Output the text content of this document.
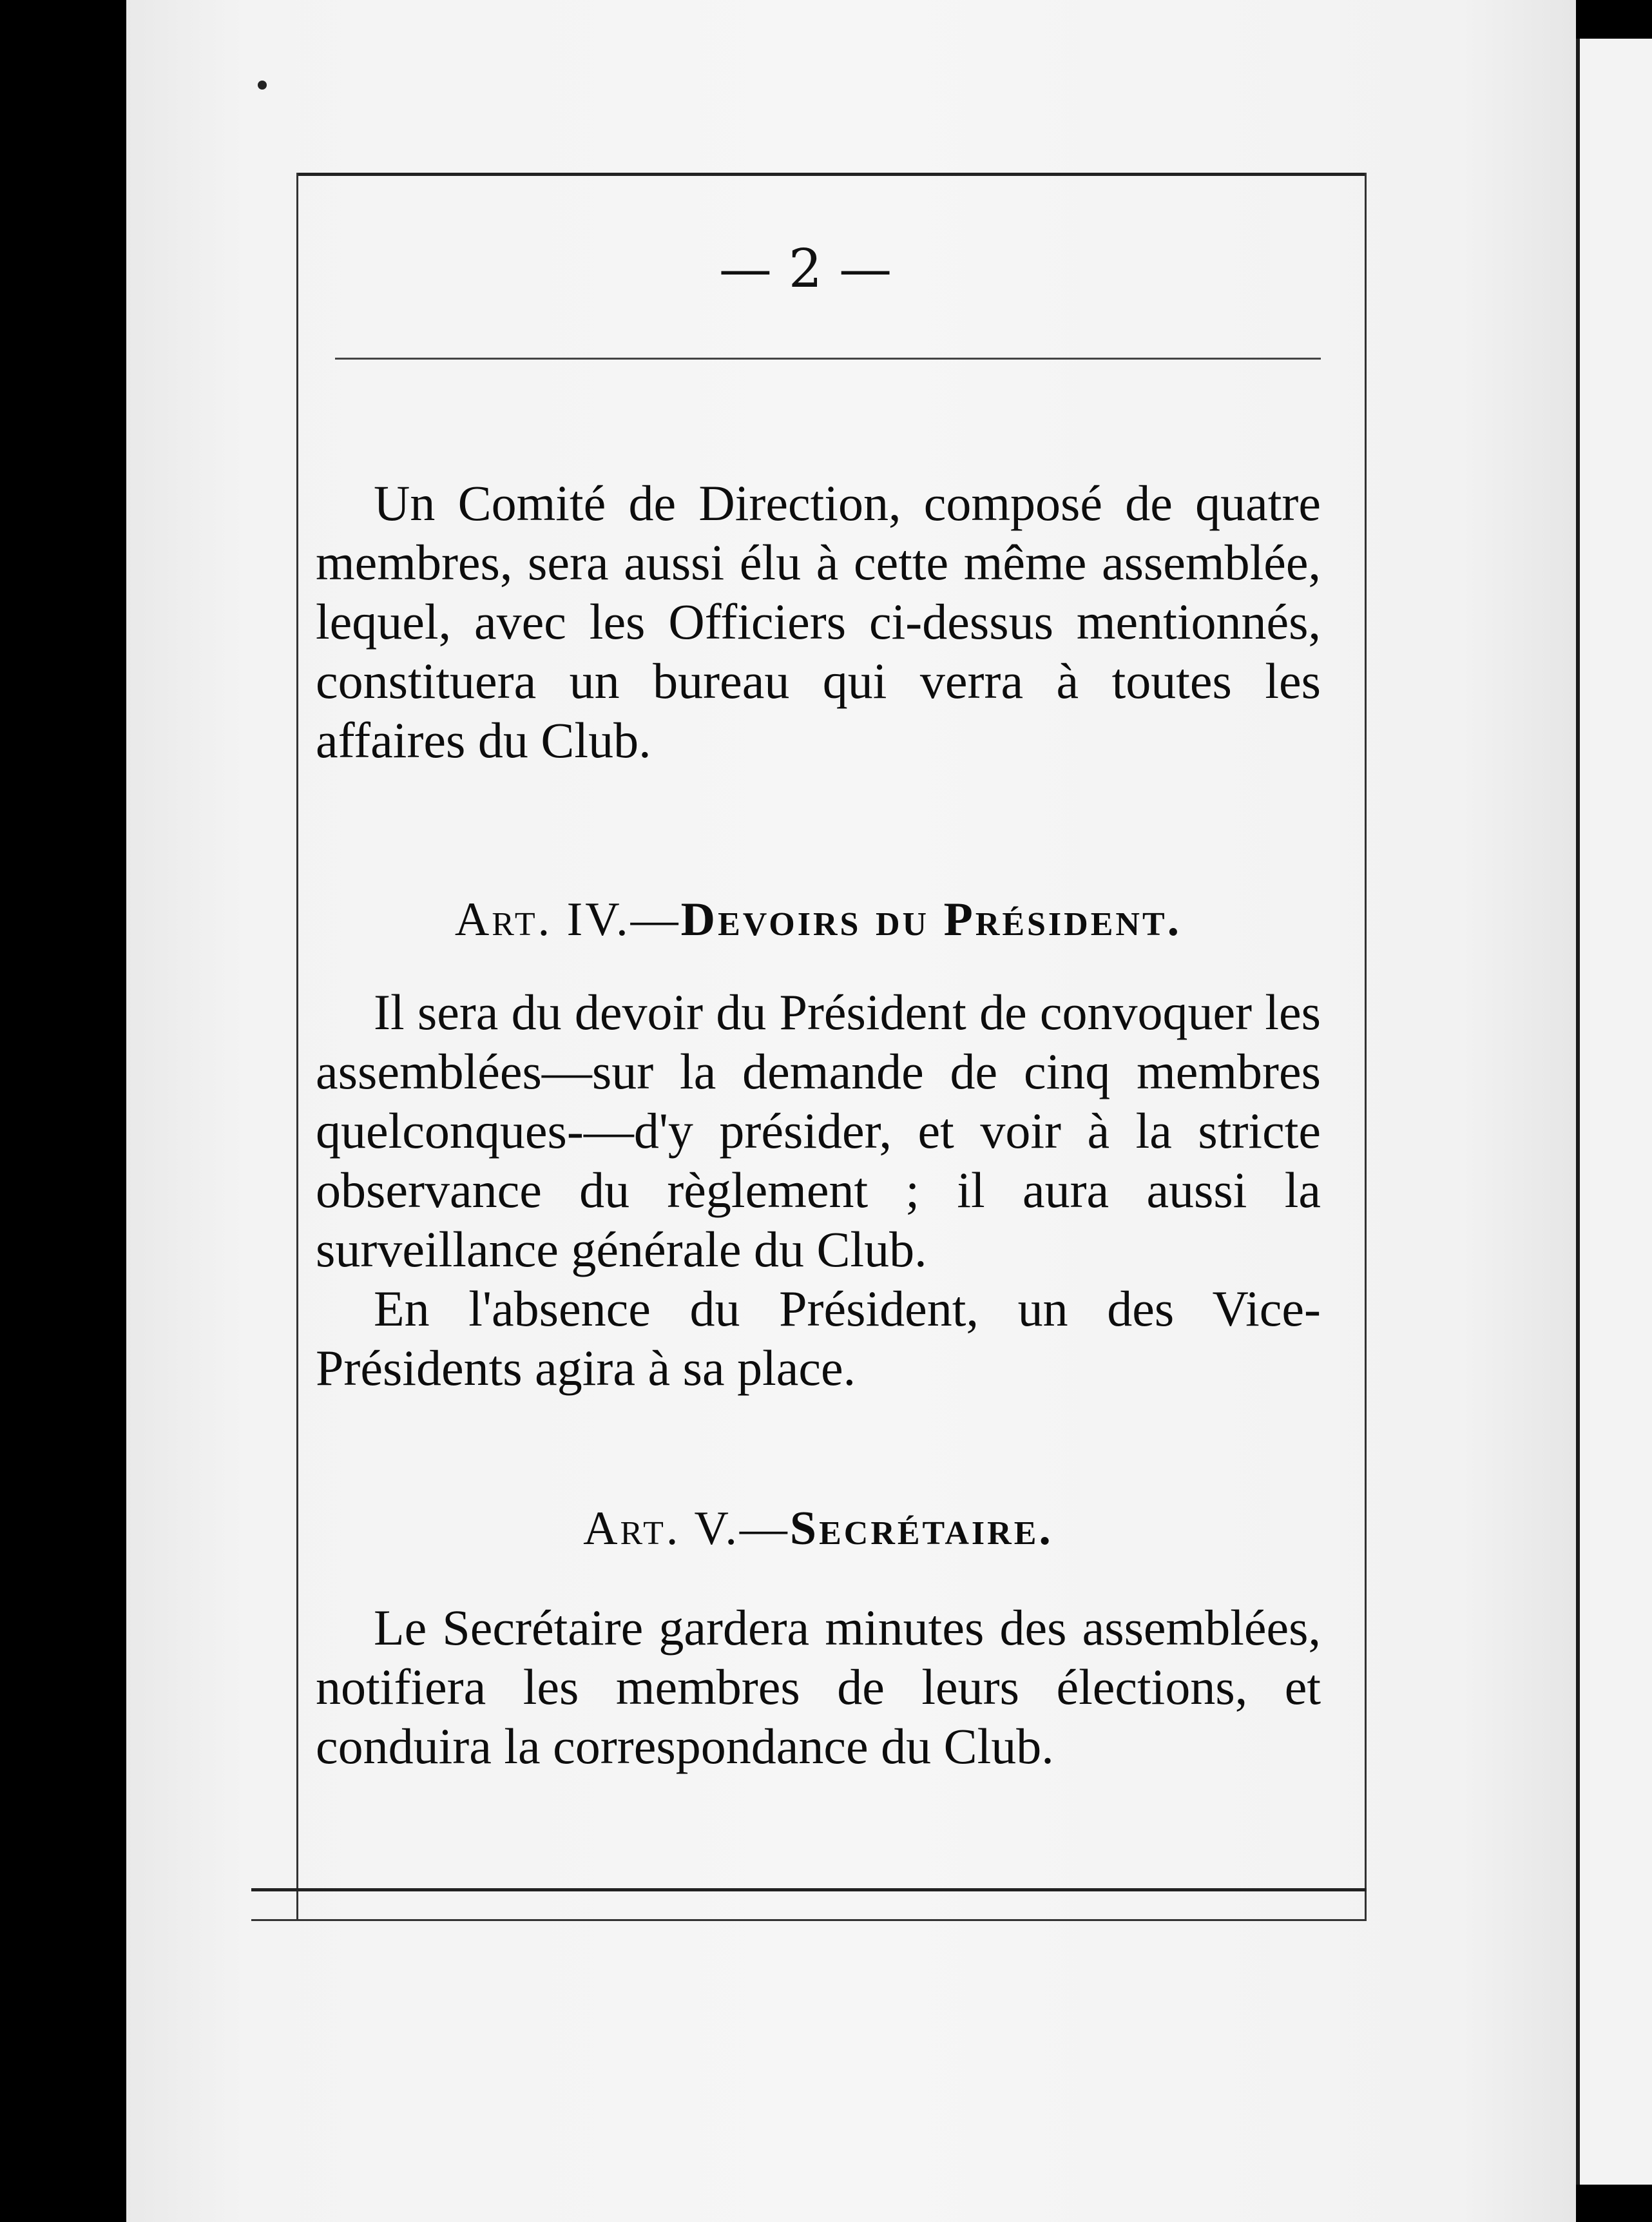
— 2 —
Un Comité de Direction, composé de quatre membres, sera aussi élu à cette même assemblée, lequel, avec les Officiers ci-dessus mentionnés, constituera un bureau qui verra à toutes les affaires du Club.
Art. IV.—Devoirs du Président.
Il sera du devoir du Président de convoquer les assemblées—sur la demande de cinq membres quelconques-—d'y présider, et voir à la stricte observance du règlement ; il aura aussi la surveillance générale du Club.
En l'absence du Président, un des Vice-Présidents agira à sa place.
Art. V.—Secrétaire.
Le Secrétaire gardera minutes des assemblées, notifiera les membres de leurs élections, et conduira la correspondance du Club.
